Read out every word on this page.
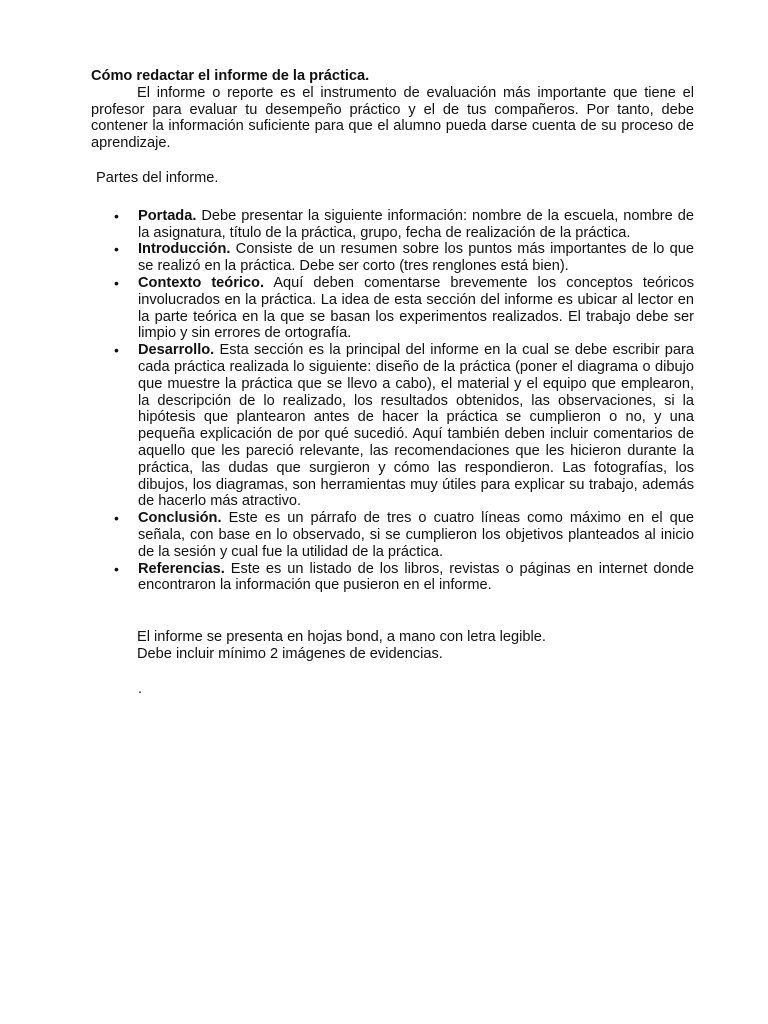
Cómo redactar el informe de la práctica.

El informe o reporte es el instrumento de evaluación más importante que tiene el profesor para evaluar tu desempeño práctico y el de tus compañeros. Por tanto, debe contener la información suficiente para que el alumno pueda darse cuenta de su proceso de aprendizaje.

Partes del informe.

• Portada. Debe presentar la siguiente información: nombre de la escuela, nombre de la asignatura, título de la práctica, grupo, fecha de realización de la práctica.
• Introducción. Consiste de un resumen sobre los puntos más importantes de lo que se realizó en la práctica. Debe ser corto (tres renglones está bien).
• Contexto teórico. Aquí deben comentarse brevemente los conceptos teóricos involucrados en la práctica. La idea de esta sección del informe es ubicar al lector en la parte teórica en la que se basan los experimentos realizados. El trabajo debe ser limpio y sin errores de ortografía.
• Desarrollo. Esta sección es la principal del informe en la cual se debe escribir para cada práctica realizada lo siguiente: diseño de la práctica (poner el diagrama o dibujo que muestre la práctica que se llevo a cabo), el material y el equipo que emplearon, la descripción de lo realizado, los resultados obtenidos, las observaciones, si la hipótesis que plantearon antes de hacer la práctica se cumplieron o no, y una pequeña explicación de por qué sucedió. Aquí también deben incluir comentarios de aquello que les pareció relevante, las recomendaciones que les hicieron durante la práctica, las dudas que surgieron y cómo las respondieron. Las fotografías, los dibujos, los diagramas, son herramientas muy útiles para explicar su trabajo, además de hacerlo más atractivo.
• Conclusión. Este es un párrafo de tres o cuatro líneas como máximo en el que señala, con base en lo observado, si se cumplieron los objetivos planteados al inicio de la sesión y cual fue la utilidad de la práctica.
• Referencias. Este es un listado de los libros, revistas o páginas en internet donde encontraron la información que pusieron en el informe.

El informe se presenta en hojas bond, a mano con letra legible.

Debe incluir mínimo 2 imágenes de evidencias.

.
